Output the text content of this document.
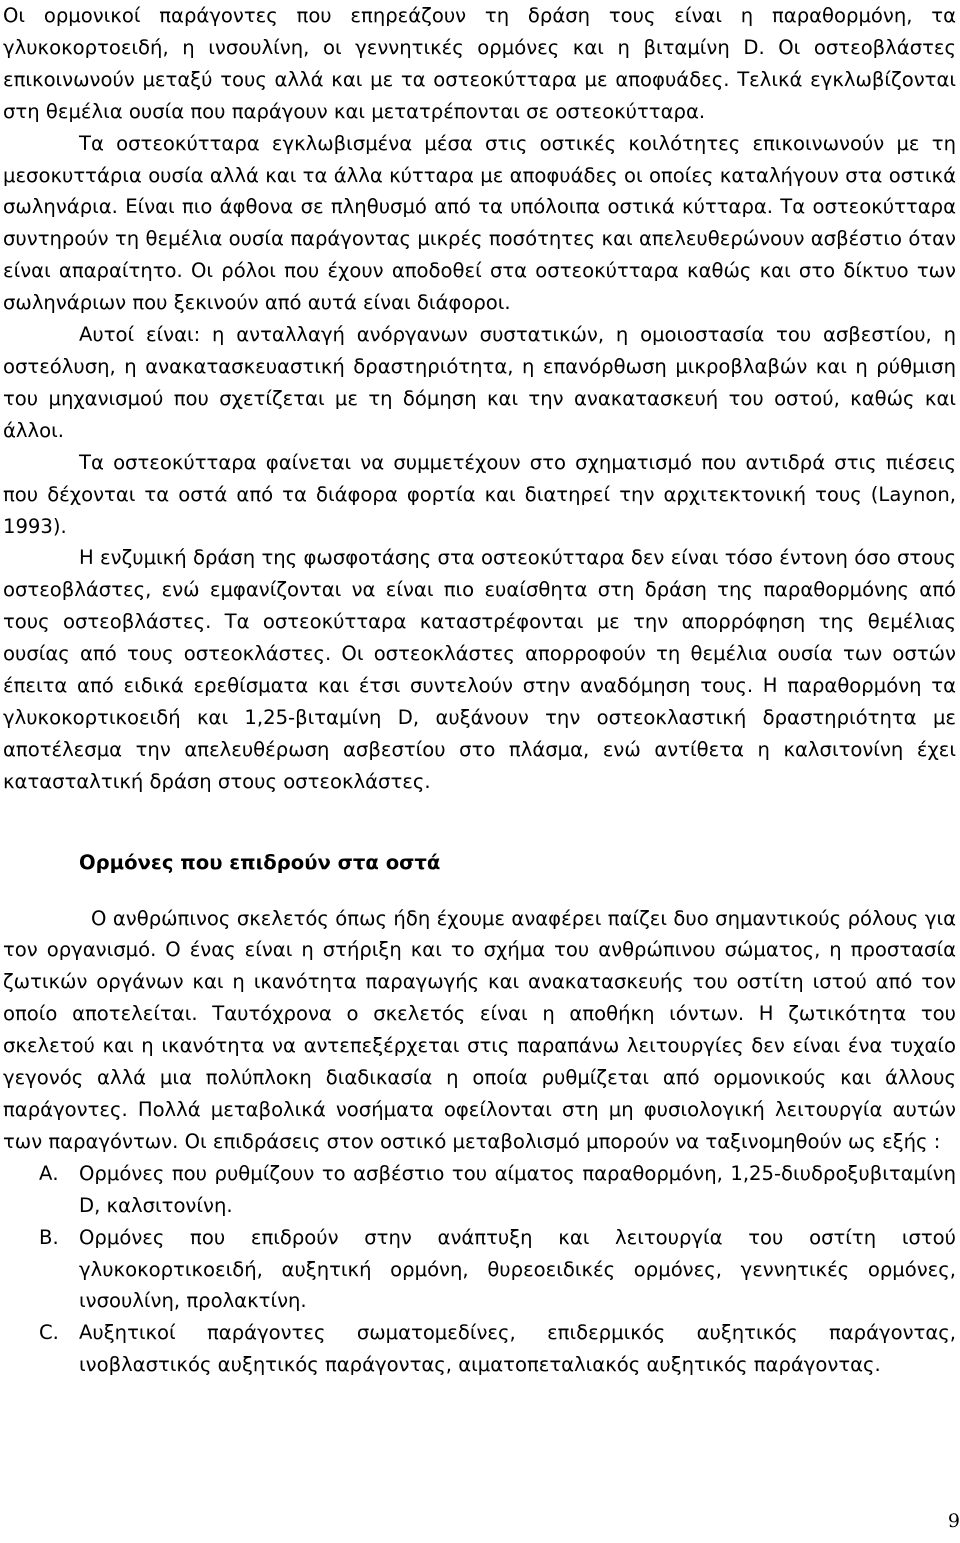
Οι ορμονικοί παράγοντες που επηρεάζουν τη δράση τους είναι η παραθορμόνη, τα γλυκοκορτοειδή, η ινσουλίνη, οι γεννητικές ορμόνες και η βιταμίνη D. Οι οστεοβλάστες επικοινωνούν μεταξύ τους αλλά και με τα οστεοκύτταρα με αποφυάδες. Τελικά εγκλωβίζονται στη θεμέλια ουσία που παράγουν και μετατρέπονται σε οστεοκύτταρα.

Τα οστεοκύτταρα εγκλωβισμένα μέσα στις οστικές κοιλότητες επικοινωνούν με τη μεσοκυττάρια ουσία αλλά και τα άλλα κύτταρα με αποφυάδες οι οποίες καταλήγουν στα οστικά σωληνάρια. Είναι πιο άφθονα σε πληθυσμό από τα υπόλοιπα οστικά κύτταρα. Τα οστεοκύτταρα συντηρούν τη θεμέλια ουσία παράγοντας μικρές ποσότητες και απελευθερώνουν ασβέστιο όταν είναι απαραίτητο. Οι ρόλοι που έχουν αποδοθεί στα οστεοκύτταρα καθώς και στο δίκτυο των σωληνάριων που ξεκινούν από αυτά είναι διάφοροι.

Αυτοί είναι: η ανταλλαγή ανόργανων συστατικών, η ομοιοστασία του ασβεστίου, η οστεόλυση, η ανακατασκευαστική δραστηριότητα, η επανόρθωση μικροβλαβών και η ρύθμιση του μηχανισμού που σχετίζεται με τη δόμηση και την ανακατασκευή του οστού, καθώς και άλλοι.

Τα οστεοκύτταρα φαίνεται να συμμετέχουν στο σχηματισμό που αντιδρά στις πιέσεις που δέχονται τα οστά από τα διάφορα φορτία και διατηρεί την αρχιτεκτονική τους (Laynon, 1993).

Η ενζυμική δράση της φωσφοτάσης στα οστεοκύτταρα δεν είναι τόσο έντονη όσο στους οστεοβλάστες, ενώ εμφανίζονται να είναι πιο ευαίσθητα στη δράση της παραθορμόνης από τους οστεοβλάστες. Τα οστεοκύτταρα καταστρέφονται με την απορρόφηση της θεμέλιας ουσίας από τους οστεοκλάστες. Οι οστεοκλάστες απορροφούν τη θεμέλια ουσία των οστών έπειτα από ειδικά ερεθίσματα και έτσι συντελούν στην αναδόμηση τους. Η παραθορμόνη τα γλυκοκορτικοειδή και 1,25-βιταμίνη D, αυξάνουν την οστεοκλαστική δραστηριότητα με αποτέλεσμα την απελευθέρωση ασβεστίου στο πλάσμα, ενώ αντίθετα η καλσιτονίνη έχει κατασταλτική δράση στους οστεοκλάστες.

Ορμόνες που επιδρούν στα οστά

Ο ανθρώπινος σκελετός όπως ήδη έχουμε αναφέρει παίζει δυο σημαντικούς ρόλους για τον οργανισμό. Ο ένας είναι η στήριξη και το σχήμα του ανθρώπινου σώματος, η προστασία ζωτικών οργάνων και η ικανότητα παραγωγής και ανακατασκευής του οστίτη ιστού από τον οποίο αποτελείται. Ταυτόχρονα ο σκελετός είναι η αποθήκη ιόντων. Η ζωτικότητα του σκελετού και η ικανότητα να αντεπεξέρχεται στις παραπάνω λειτουργίες δεν είναι ένα τυχαίο γεγονός αλλά μια πολύπλοκη διαδικασία η οποία ρυθμίζεται από ορμονικούς και άλλους παράγοντες. Πολλά μεταβολικά νοσήματα οφείλονται στη μη φυσιολογική λειτουργία αυτών των παραγόντων. Οι επιδράσεις στον οστικό μεταβολισμό μπορούν να ταξινομηθούν ως εξής :

Α. Ορμόνες που ρυθμίζουν το ασβέστιο του αίματος παραθορμόνη, 1,25-διυδροξυβιταμίνη D, καλσιτονίνη.
Β. Ορμόνες που επιδρούν στην ανάπτυξη και λειτουργία του οστίτη ιστού γλυκοκορτικοειδή, αυξητική ορμόνη, θυρεοειδικές ορμόνες, γεννητικές ορμόνες, ινσουλίνη, προλακτίνη.
C. Αυξητικοί παράγοντες σωματομεδίνες, επιδερμικός αυξητικός παράγοντας, ινοβλαστικός αυξητικός παράγοντας, αιματοπεταλιακός αυξητικός παράγοντας.
9
